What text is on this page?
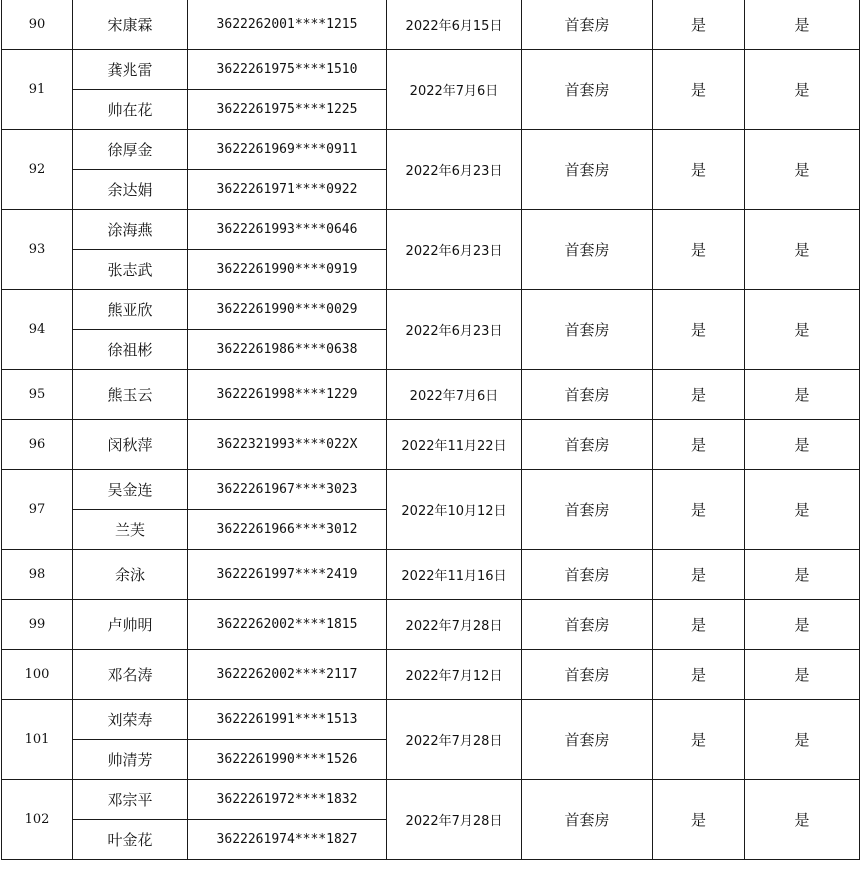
90	宋康霖	3622262001****1215	2022年6月15日	首套房	是	是
91	龚兆雷	3622261975****1510	2022年7月6日	首套房	是	是
	帅在花	3622261975****1225				
92	徐厚金	3622261969****0911	2022年6月23日	首套房	是	是
	余达娟	3622261971****0922				
93	涂海燕	3622261993****0646	2022年6月23日	首套房	是	是
	张志武	3622261990****0919				
94	熊亚欣	3622261990****0029	2022年6月23日	首套房	是	是
	徐祖彬	3622261986****0638				
95	熊玉云	3622261998****1229	2022年7月6日	首套房	是	是
96	闵秋萍	3622321993****022X	2022年11月22日	首套房	是	是
97	吴金连	3622261967****3023	2022年10月12日	首套房	是	是
	兰芙	3622261966****3012				
98	余泳	3622261997****2419	2022年11月16日	首套房	是	是
99	卢帅明	3622262002****1815	2022年7月28日	首套房	是	是
100	邓名涛	3622262002****2117	2022年7月12日	首套房	是	是
101	刘荣寿	3622261991****1513	2022年7月28日	首套房	是	是
	帅清芳	3622261990****1526				
102	邓宗平	3622261972****1832	2022年7月28日	首套房	是	是
	叶金花	3622261974****1827				
